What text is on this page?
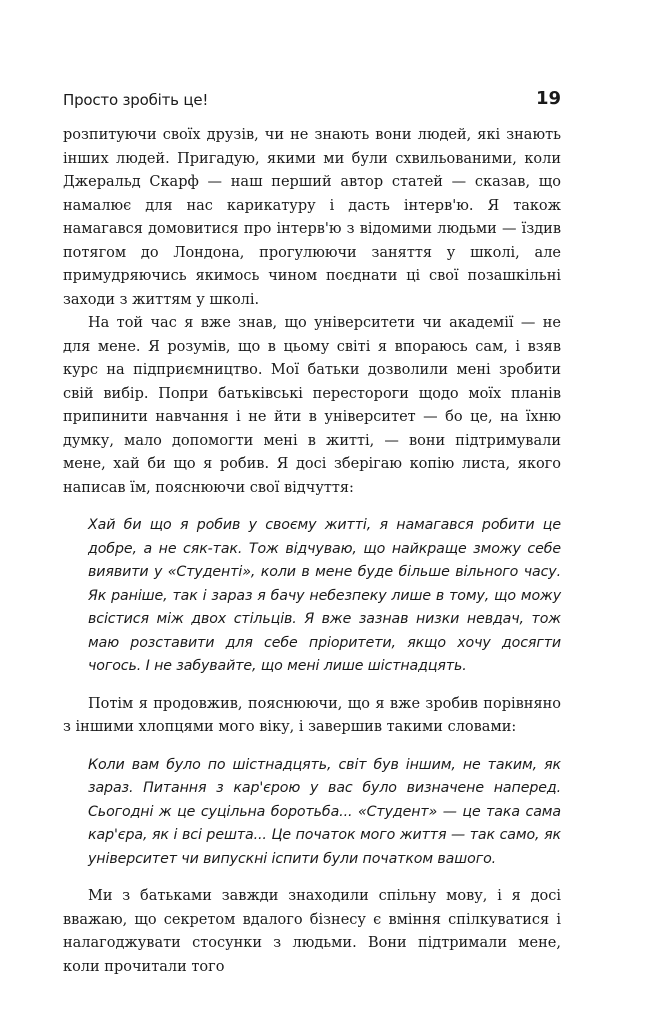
Просто зробіть це!	19

розпитуючи своїх друзів, чи не знають вони людей, які знають інших людей. Пригадую, якими ми були схвильованими, коли Джеральд Скарф — наш перший автор статей — сказав, що намалює для нас карикатуру і дасть інтерв'ю. Я також намагався домовитися про інтерв'ю з відомими людьми — їздив потягом до Лондона, прогулюючи заняття у школі, але примудряючись якимось чином поєднати ці свої позашкільні заходи з життям у школі.

На той час я вже знав, що університети чи академії — не для мене. Я розумів, що в цьому світі я впораюсь сам, і взяв курс на підприємництво. Мої батьки дозволили мені зробити свій вибір. Попри батьківські перестороги щодо моїх планів припинити навчання і не йти в університет — бо це, на їхню думку, мало допомогти мені в житті, — вони підтримували мене, хай би що я робив. Я досі зберігаю копію листа, якого написав їм, пояснюючи свої відчуття:

Хай би що я робив у своєму житті, я намагався робити це добре, а не сяк-так. Тож відчуваю, що найкраще зможу себе виявити у «Студенті», коли в мене буде більше вільного часу. Як раніше, так і зараз я бачу небезпеку лише в тому, що можу всістися між двох стільців. Я вже зазнав низки невдач, тож маю розставити для себе пріоритети, якщо хочу досягти чогось. І не забувайте, що мені лише шістнадцять.

Потім я продовжив, пояснюючи, що я вже зробив порівняно з іншими хлопцями мого віку, і завершив такими словами:

Коли вам було по шістнадцять, світ був іншим, не таким, як зараз. Питання з кар'єрою у вас було визначене наперед. Сьогодні ж це суцільна боротьба... «Студент» — це така сама кар'єра, як і всі решта... Це початок мого життя — так само, як університет чи випускні іспити були початком вашого.

Ми з батьками завжди знаходили спільну мову, і я досі вважаю, що секретом вдалого бізнесу є вміння спілкуватися і налагоджувати стосунки з людьми. Вони підтримали мене, коли прочитали того
